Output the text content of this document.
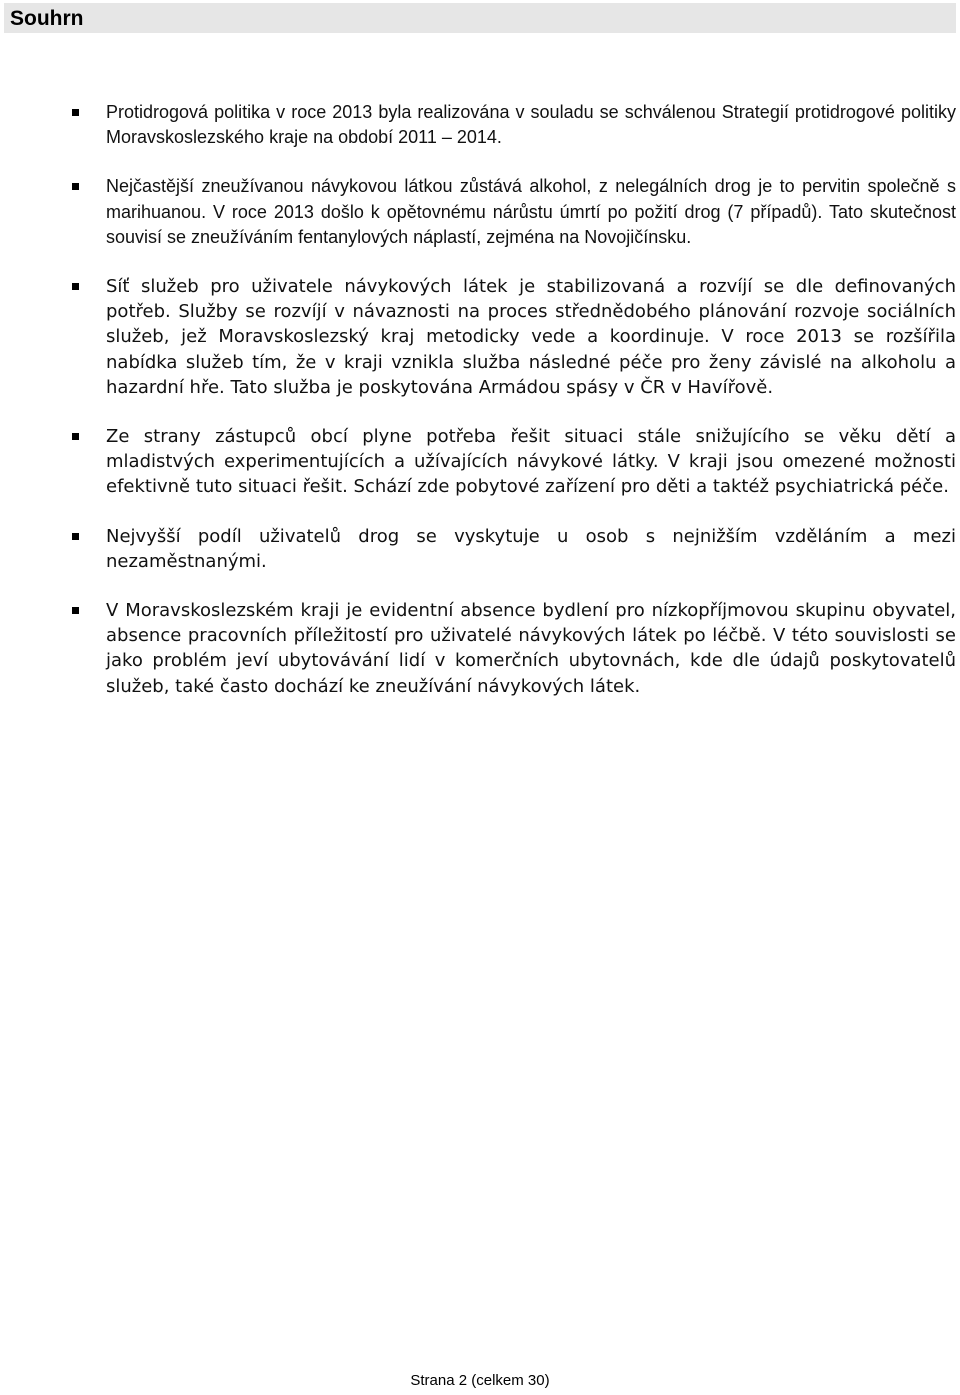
Souhrn
Protidrogová politika v roce 2013 byla realizována v souladu se schválenou Strategií protidrogové politiky Moravskoslezského kraje na období 2011 – 2014.
Nejčastější zneužívanou návykovou látkou zůstává alkohol, z nelegálních drog je to pervitin společně s marihuanou. V roce 2013 došlo k opětovnému nárůstu úmrtí po požití drog (7 případů). Tato skutečnost souvisí se zneužíváním fentanylových náplastí, zejména na Novojičínsku.
Síť služeb pro uživatele návykových látek je stabilizovaná a rozvíjí se dle definovaných potřeb. Služby se rozvíjí v návaznosti na proces střednědobého plánování rozvoje sociálních služeb, jež Moravskoslezský kraj metodicky vede a koordinuje. V roce 2013 se rozšířila nabídka služeb tím, že v kraji vznikla služba následné péče pro ženy závislé na alkoholu a hazardní hře. Tato služba je poskytována Armádou spásy v ČR v Havířově.
Ze strany zástupců obcí plyne potřeba řešit situaci stále snižujícího se věku dětí a mladistvých experimentujících a užívajících návykové látky. V kraji jsou omezené možnosti efektivně tuto situaci řešit. Schází zde pobytové zařízení pro děti a taktéž psychiatrická péče.
Nejvyšší podíl uživatelů drog se vyskytuje u osob s nejnižším vzděláním a mezi nezaměstnanými.
V Moravskoslezském kraji je evidentní absence bydlení pro nízkopříjmovou skupinu obyvatel, absence pracovních příležitostí pro uživatelé návykových látek po léčbě. V této souvislosti se jako problém jeví ubytovávání lidí v komerčních ubytovnách, kde dle údajů poskytovatelů služeb, také často dochází ke zneužívání návykových látek.
Strana 2 (celkem 30)
